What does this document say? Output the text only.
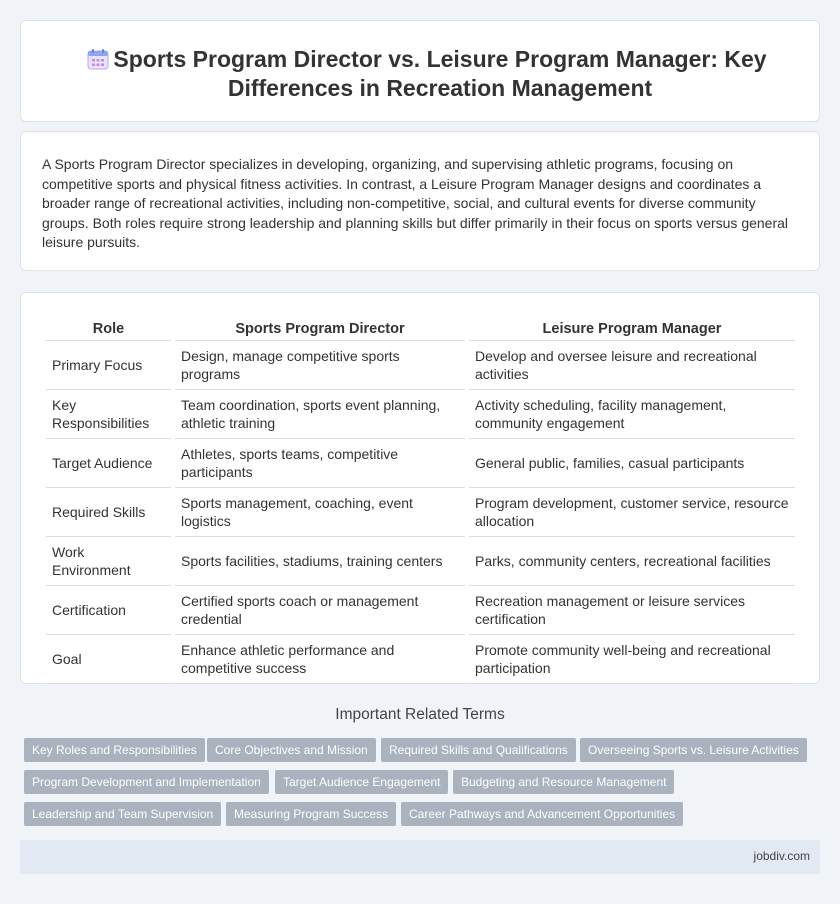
Sports Program Director vs. Leisure Program Manager: Key Differences in Recreation Management

A Sports Program Director specializes in developing, organizing, and supervising athletic programs, focusing on competitive sports and physical fitness activities. In contrast, a Leisure Program Manager designs and coordinates a broader range of recreational activities, including non-competitive, social, and cultural events for diverse community groups. Both roles require strong leadership and planning skills but differ primarily in their focus on sports versus general leisure pursuits.

Role	Sports Program Director	Leisure Program Manager
Primary Focus	Design, manage competitive sports programs	Develop and oversee leisure and recreational activities
Key Responsibilities	Team coordination, sports event planning, athletic training	Activity scheduling, facility management, community engagement
Target Audience	Athletes, sports teams, competitive participants	General public, families, casual participants
Required Skills	Sports management, coaching, event logistics	Program development, customer service, resource allocation
Work Environment	Sports facilities, stadiums, training centers	Parks, community centers, recreational facilities
Certification	Certified sports coach or management credential	Recreation management or leisure services certification
Goal	Enhance athletic performance and competitive success	Promote community well-being and recreational participation
Important Related Terms
Key Roles and Responsibilities	Core Objectives and Mission	Required Skills and Qualifications	Overseeing Sports vs. Leisure Activities
Program Development and Implementation	Target Audience Engagement	Budgeting and Resource Management
Leadership and Team Supervision	Measuring Program Success	Career Pathways and Advancement Opportunities
jobdiv.com
